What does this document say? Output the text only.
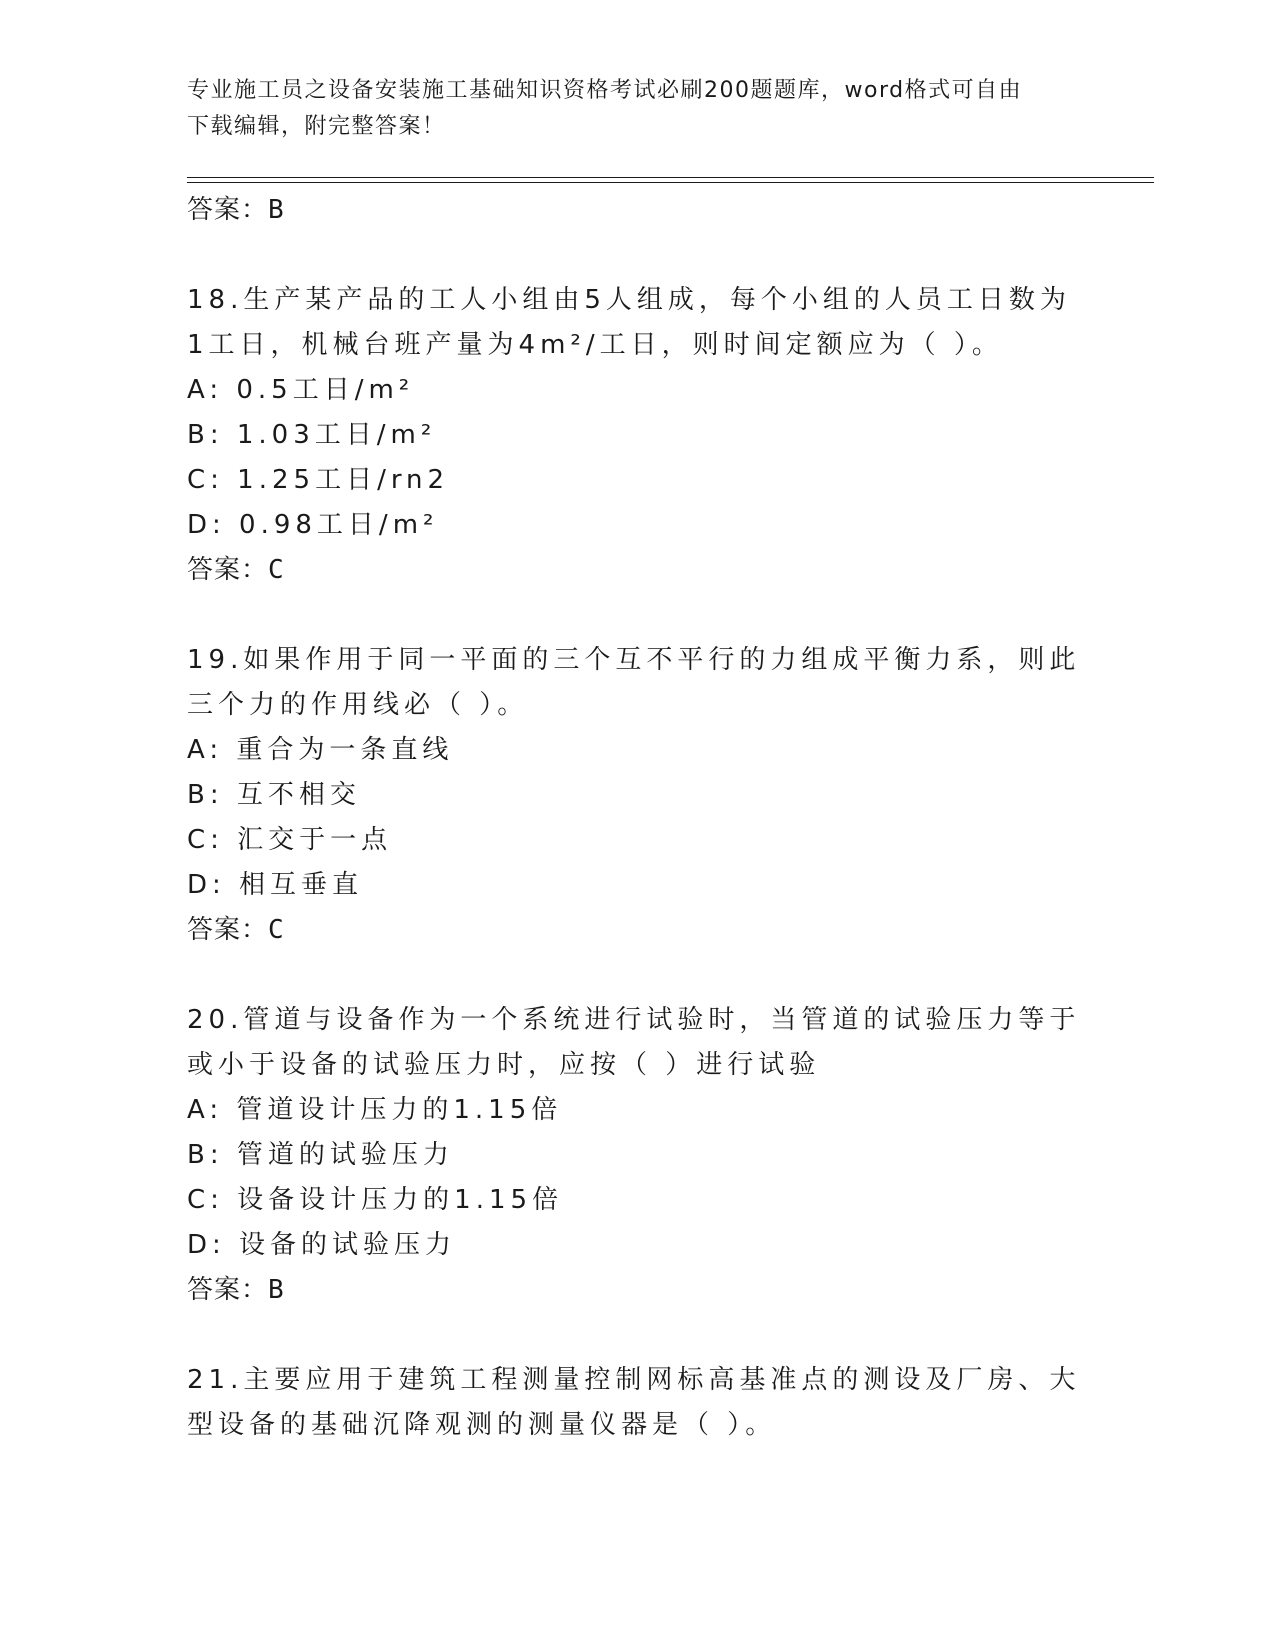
专业施工员之设备安装施工基础知识资格考试必刷200题题库，word格式可自由
下载编辑，附完整答案！
答案：B
18.生产某产品的工人小组由5人组成，每个小组的人员工日数为1工日，机械台班产量为4m²/工日，则时间定额应为（ ）。
A: 0.5工日/m²
B: 1.03工日/m²
C: 1.25工日/rn2
D: 0.98工日/m²
答案：C
19.如果作用于同一平面的三个互不平行的力组成平衡力系，则此三个力的作用线必（ ）。
A: 重合为一条直线
B: 互不相交
C: 汇交于一点
D: 相互垂直
答案：C
20.管道与设备作为一个系统进行试验时，当管道的试验压力等于或小于设备的试验压力时，应按（ ）进行试验
A: 管道设计压力的1.15倍
B: 管道的试验压力
C: 设备设计压力的1.15倍
D: 设备的试验压力
答案：B
21.主要应用于建筑工程测量控制网标高基准点的测设及厂房、大型设备的基础沉降观测的测量仪器是（ ）。
